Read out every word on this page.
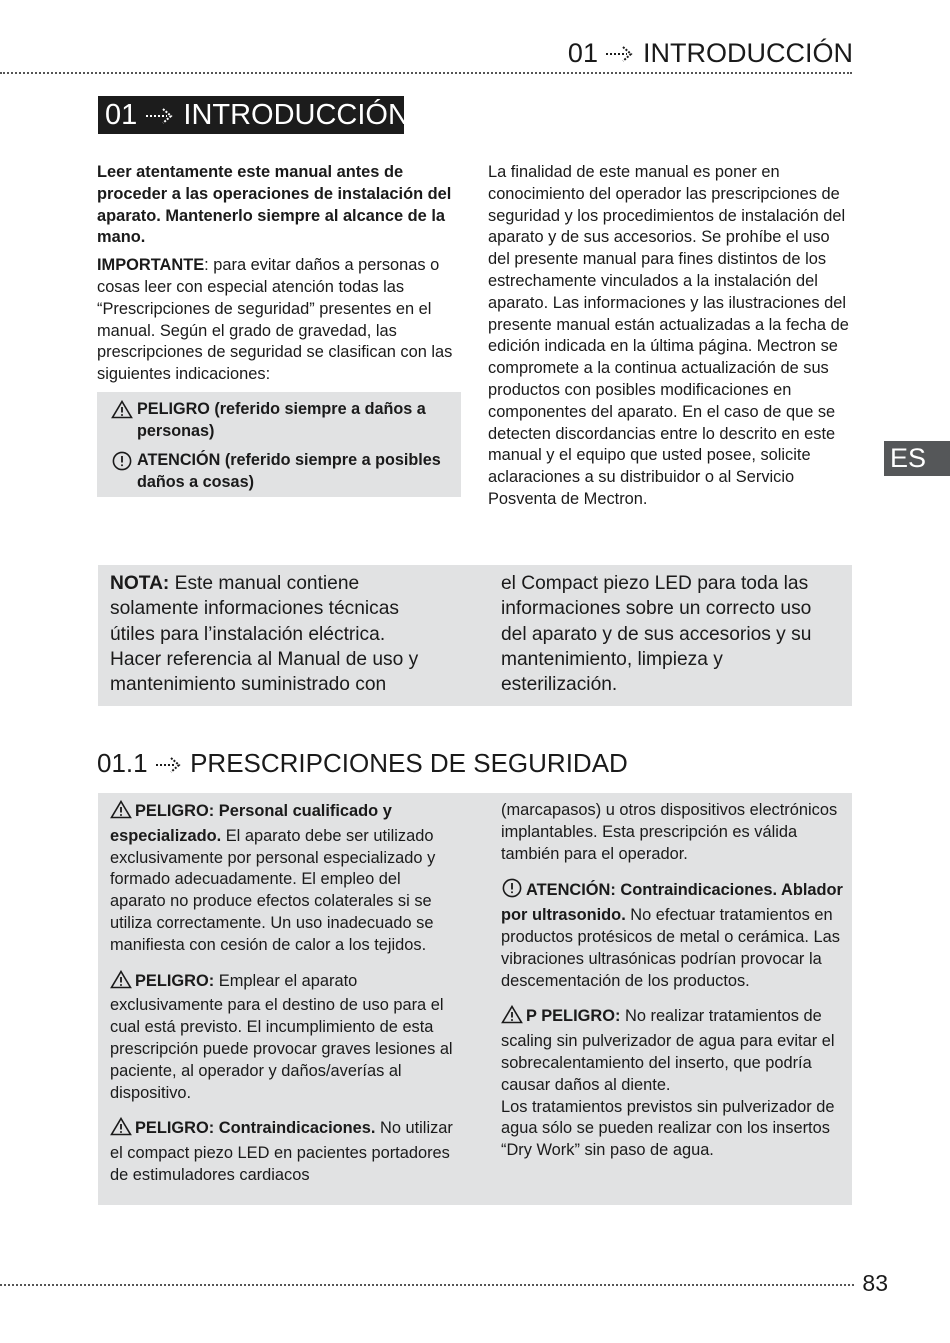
01 INTRODUCCIÓN
01 INTRODUCCIÓN

Leer atentamente este manual antes de proceder a las operaciones de instalación del aparato. Mantenerlo siempre al alcance de la mano.

IMPORTANTE: para evitar daños a personas o cosas leer con especial atención todas las “Prescripciones de seguridad” presentes en el manual. Según el grado de gravedad, las prescripciones de seguridad se clasifican con las siguientes indicaciones:

PELIGRO (referido siempre a daños a personas)
ATENCIÓN (referido siempre a posibles daños a cosas)

La finalidad de este manual es poner en conocimiento del operador las prescripciones de seguridad y los procedimientos de instalación del aparato y de sus accesorios. Se prohíbe el uso del presente manual para fines distintos de los estrechamente vinculados a la instalación del aparato. Las informaciones y las ilustraciones del presente manual están actualizadas a la fecha de edición indicada en la última página. Mectron se compromete a la continua actualización de sus productos con posibles modificaciones en componentes del aparato. En el caso de que se detecten discordancias entre lo descrito en este manual y el equipo que usted posee, solicite aclaraciones a su distribuidor o al Servicio Posventa de Mectron.

ES
NOTA: Este manual contiene solamente informaciones técnicas útiles para l’instalación eléctrica. Hacer referencia al Manual de uso y mantenimiento suministrado con
el Compact piezo LED para toda las informaciones sobre un correcto uso del aparato y de sus accesorios y su mantenimiento, limpieza y esterilización.
01.1 PRESCRIPCIONES DE SEGURIDAD

PELIGRO: Personal cualificado y especializado. El aparato debe ser utilizado exclusivamente por personal especializado y formado adecuadamente. El empleo del aparato no produce efectos colaterales si se utiliza correctamente. Un uso inadecuado se manifiesta con cesión de calor a los tejidos.

PELIGRO: Emplear el aparato exclusivamente para el destino de uso para el cual está previsto. El incumplimiento de esta prescripción puede provocar graves lesiones al paciente, al operador y daños/averías al dispositivo.

PELIGRO: Contraindicaciones. No utilizar el compact piezo LED en pacientes portadores de estimuladores cardiacos

(marcapasos) u otros dispositivos electrónicos implantables. Esta prescripción es válida también para el operador.

ATENCIÓN: Contraindicaciones. Ablador por ultrasonido. No efectuar tratamientos en productos protésicos de metal o cerámica. Las vibraciones ultrasónicas podrían provocar la descementación de los productos.

P PELIGRO: No realizar tratamientos de scaling sin pulverizador de agua para evitar el sobrecalentamiento del inserto, que podría causar daños al diente.

Los tratamientos previstos sin pulverizador de agua sólo se pueden realizar con los insertos “Dry Work” sin paso de agua.

83
